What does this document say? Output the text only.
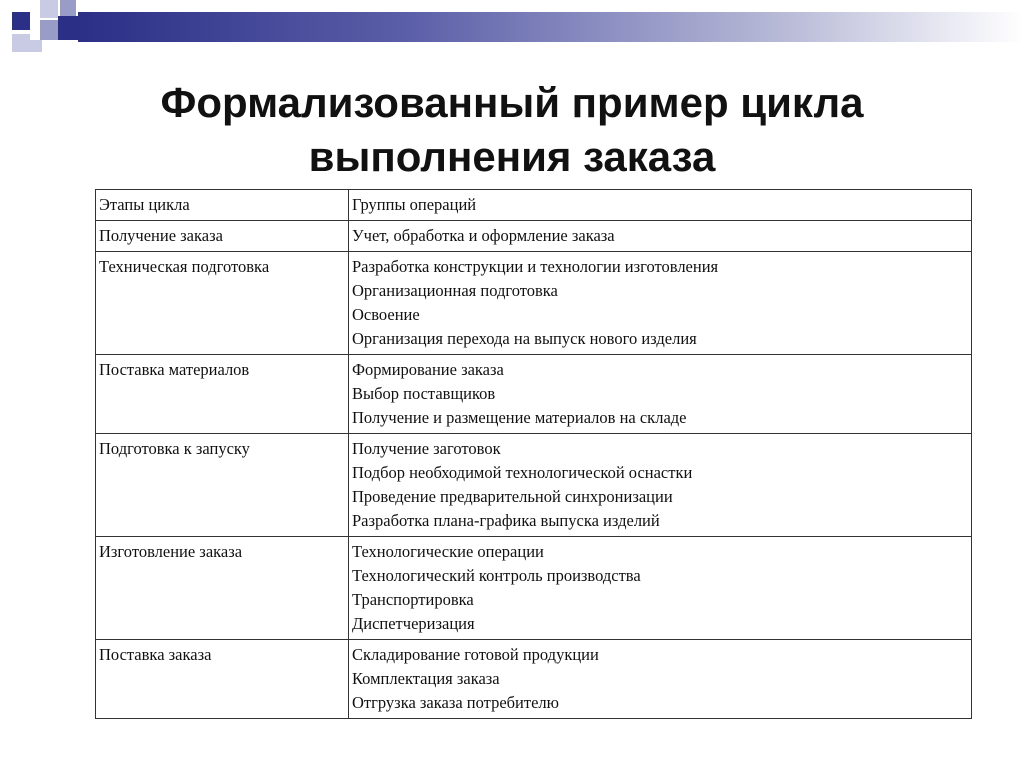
Формализованный пример цикла
выполнения заказа
Этапы цикла	Группы операций
Получение заказа	Учет, обработка и оформление заказа

Техническая подготовка	Разработка конструкции и технологии изготовления
Организационная подготовка
Освоение
Организация перехода на выпуск нового изделия

Поставка материалов	Формирование заказа
Выбор поставщиков
Получение и размещение материалов на складе

Подготовка к запуску	Получение заготовок
Подбор необходимой технологической оснастки
Проведение предварительной синхронизации
Разработка плана-графика выпуска изделий

Изготовление заказа	Технологические операции
Технологический контроль производства
Транспортировка
Диспетчеризация

Поставка заказа	Складирование готовой продукции
Комплектация заказа
Отгрузка заказа потребителю
